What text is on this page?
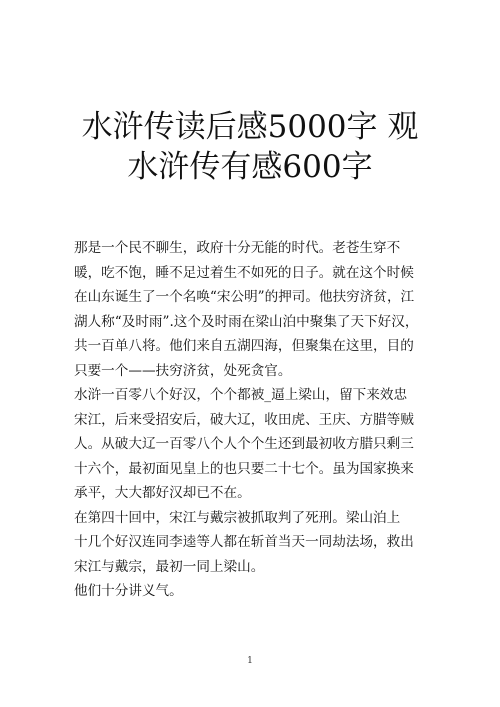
水浒传读后感5000字 观
水浒传有感600字

那是一个民不聊生，政府十分无能的时代。老苍生穿不
暖，吃不饱，睡不足过着生不如死的日子。就在这个时候
在山东诞生了一个名唤“宋公明”的押司。他扶穷济贫，江
湖人称“及时雨”.这个及时雨在梁山泊中聚集了天下好汉，
共一百单八将。他们来自五湖四海，但聚集在这里，目的
只要一个——扶穷济贫，处死贪官。

水浒一百零八个好汉，个个都被_逼上梁山，留下来效忠
宋江，后来受招安后，破大辽，收田虎、王庆、方腊等贼
人。从破大辽一百零八个人个个生还到最初收方腊只剩三
十六个，最初面见皇上的也只要二十七个。虽为国家换来
承平，大大都好汉却已不在。

在第四十回中，宋江与戴宗被抓取判了死刑。梁山泊上
十几个好汉连同李逵等人都在斩首当天一同劫法场，救出
宋江与戴宗，最初一同上梁山。

他们十分讲义气。

1
